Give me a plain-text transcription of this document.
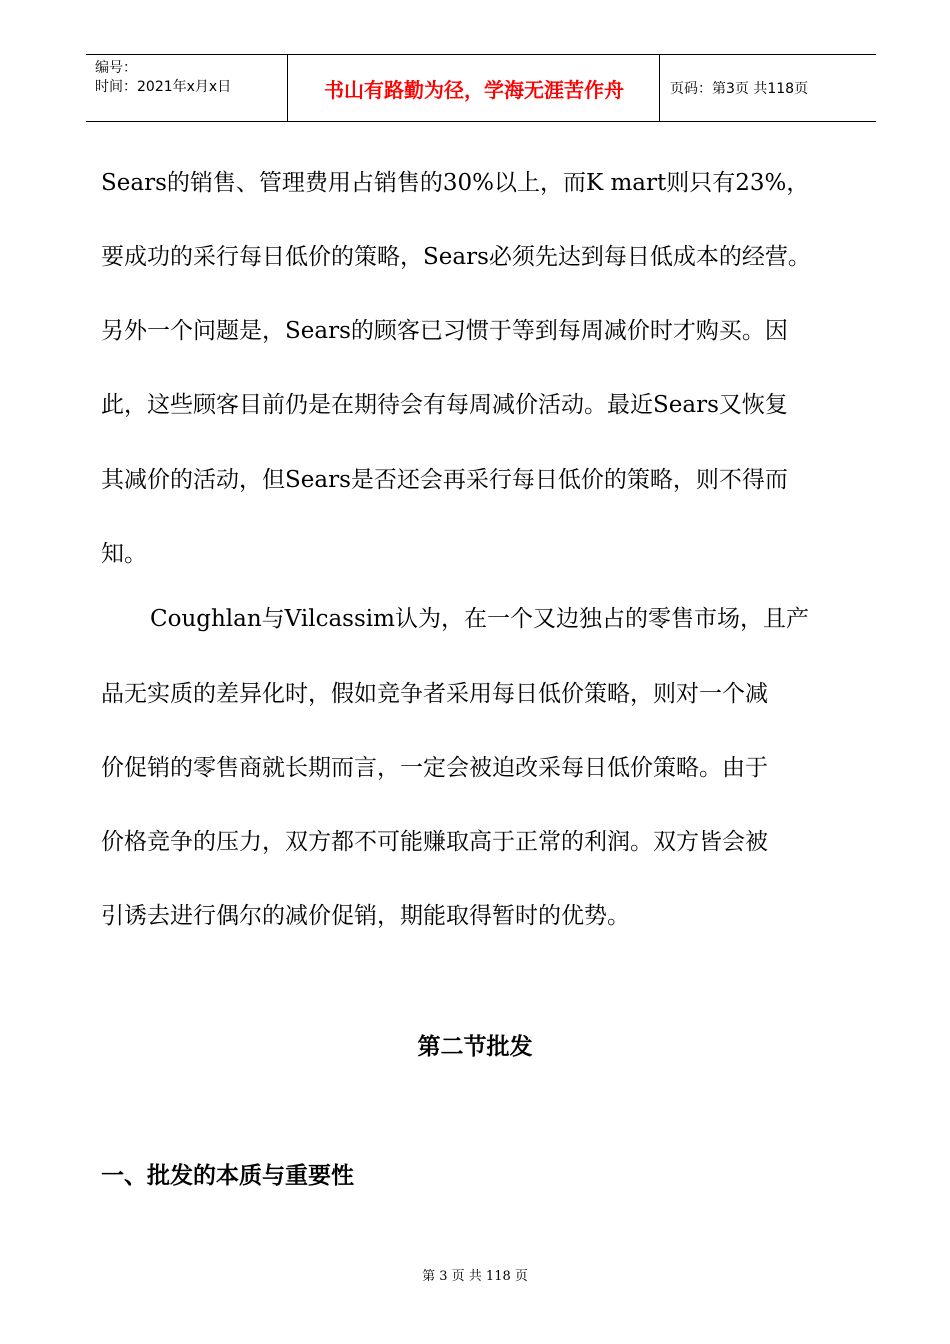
编号：
时间：2021年x月x日	书山有路勤为径，学海无涯苦作舟	页码：第3页 共118页
Sears的销售、管理费用占销售的30%以上，而K mart则只有23%，
要成功的采行每日低价的策略，Sears必须先达到每日低成本的经营。
另外一个问题是，Sears的顾客已习惯于等到每周减价时才购买。因
此，这些顾客目前仍是在期待会有每周减价活动。最近Sears又恢复
其减价的活动，但Sears是否还会再采行每日低价的策略，则不得而
知。
Coughlan与Vilcassim认为，在一个又边独占的零售市场，且产
品无实质的差异化时，假如竞争者采用每日低价策略，则对一个减
价促销的零售商就长期而言，一定会被迫改采每日低价策略。由于
价格竞争的压力，双方都不可能赚取高于正常的利润。双方皆会被
引诱去进行偶尔的减价促销，期能取得暂时的优势。
第二节批发
一、批发的本质与重要性
第 3 页 共 118 页
